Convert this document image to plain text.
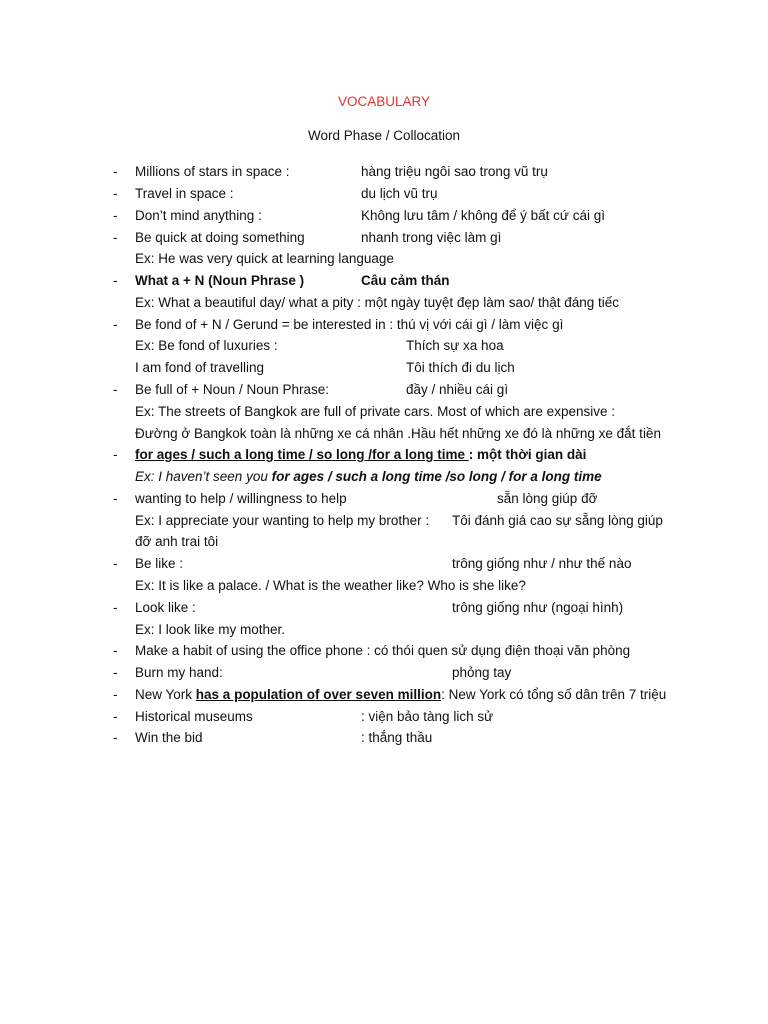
VOCABULARY
Word Phase / Collocation
- Millions of stars in space :	hàng triệu ngôi sao trong vũ trụ
- Travel in space :	du lịch vũ trụ
- Don’t mind anything :	Không lưu tâm / không để ý bất cứ cái gì
- Be quick at doing something	nhanh trong việc làm gì
Ex: He was very quick at learning language
- What a + N (Noun Phrase )	Câu cảm thán
Ex: What a beautiful day/ what a pity : một ngày tuyệt đẹp làm sao/ thật đáng tiếc
- Be fond of + N / Gerund = be interested in : thú vị với cái gì / làm việc gì
Ex: Be fond of luxuries :	Thích sự xa hoa
I am fond of travelling	Tôi thích đi du lịch
- Be full of + Noun / Noun Phrase:	đầy / nhiều cái gì
Ex: The streets of Bangkok are full of private cars. Most of which are expensive :
Đường ở Bangkok toàn là những xe cá nhân .Hầu hết những xe đó là những xe đắt tiền
- for ages / such a long time / so long /for a long time : một thời gian dài
Ex: I haven’t seen you for ages / such a long time /so long / for a long time
- wanting to help / willingness to help	sẵn lòng giúp đỡ
Ex: I appreciate your wanting to help my brother : Tôi đánh giá cao sự sẵng lòng giúp
đỡ anh trai tôi
- Be like :	trông giống như / như thế nào
Ex: It is like a palace. / What is the weather like? Who is she like?
- Look like :	trông giống như (ngoại hình)
Ex: I look like my mother.
- Make a habit of using the office phone : có thói quen sử dụng điện thoại văn phòng
- Burn my hand:	phỏng tay
- New York has a population of over seven million: New York có tổng số dân trên 7 triệu
- Historical museums	: viện bảo tàng lich sử
- Win the bid	: thắng thầu
